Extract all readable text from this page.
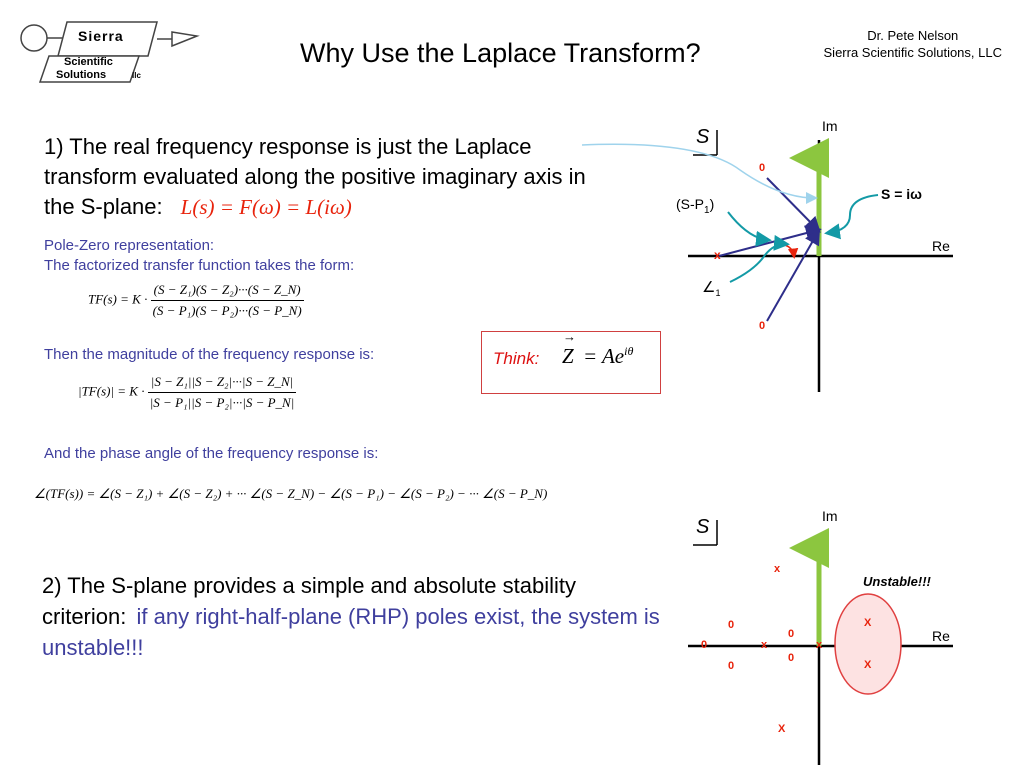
Sierra
Scientific
Solutions	llc
Why Use the Laplace Transform?
Dr. Pete Nelson
Sierra Scientific Solutions, LLC
1) The real frequency response is just the Laplace transform evaluated along the positive imaginary axis in the S-plane: L(s) = F(ω) = L(iω)
Pole-Zero representation:
The factorized transfer function takes the form:
$TF(s) = K \cdot \frac{\text{(S − Z₁)(S − Z₂)···(S − Z\_N)}}{\text{(S − P₁)(S − P₂)···(S − P\_N)}}$
Then the magnitude of the frequency response is:
$|TF(s)| = K \cdot \frac{\text{|S − Z₁||S − Z₂|···|S − Z\_N|}}{\text{|S − P₁||S − P₂|···|S − P\_N|}}$
And the phase angle of the frequency response is:
∠(TF(s)) = ∠(S − Z₁) + ∠(S − Z₂) + ··· ∠(S − Z_N) − ∠(S − P₁) − ∠(S − P₂) − ··· ∠(S − P_N)
Think:
→
$Z = Ae^{i\theta}$
S	Im
Re
S = iω
$(S-P_1)$
$\angle_1$
0
0
x
2) The S-plane provides a simple and absolute stability criterion: if any right-half-plane (RHP) poles exist, the system is unstable!!!
S	Im
Re
Unstable!!!
x
X
X
0
0
0	x	x
0
0
X
